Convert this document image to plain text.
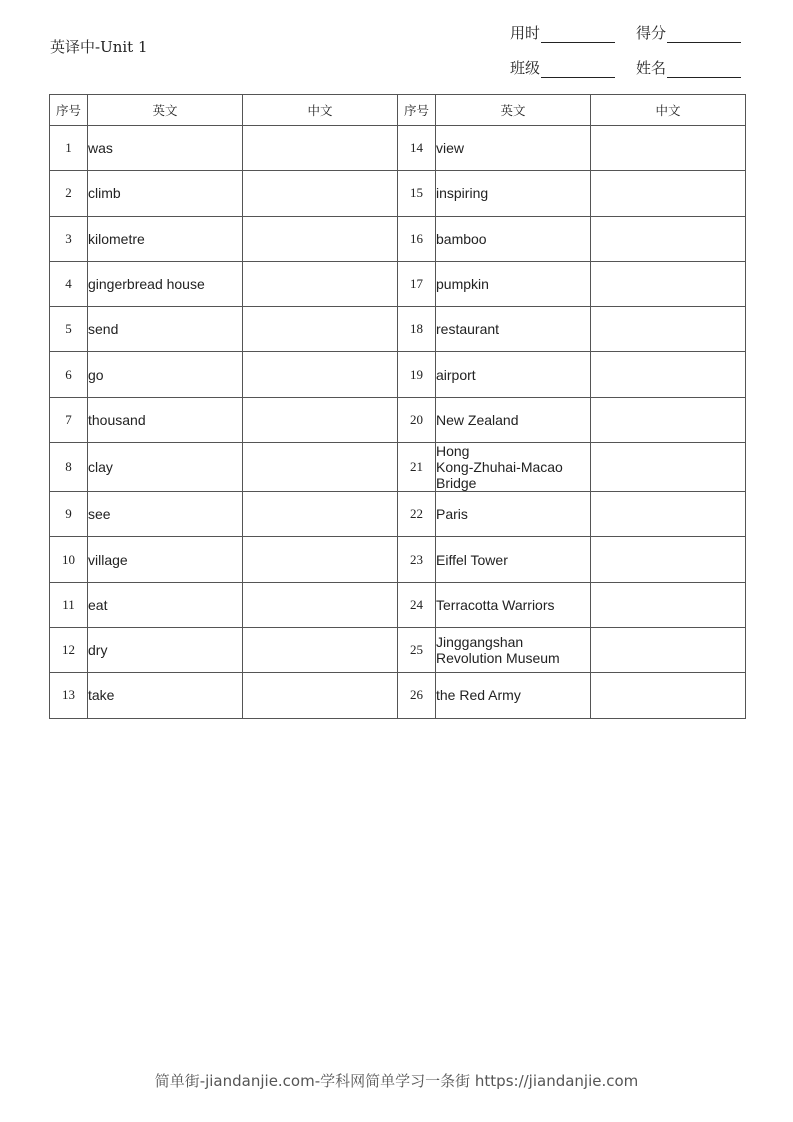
英译中-Unit 1
用时	得分
班级	姓名
序号	英文	中文	序号	英文	中文
1	was		14	view	
2	climb		15	inspiring	
3	kilometre		16	bamboo	
4	gingerbread house		17	pumpkin	
5	send		18	restaurant	
6	go		19	airport	
7	thousand		20	New Zealand	
8	clay		21	Hong
Kong-Zhuhai-Macao
Bridge	

9	see		22	Paris	
10	village		23	Eiffel Tower	
11	eat		24	Terracotta Warriors	
12	dry		25	Jinggangshan
Revolution Museum	

13	take		26	the Red Army	
简单街-jiandanjie.com-学科网简单学习一条街 https://jiandanjie.com
